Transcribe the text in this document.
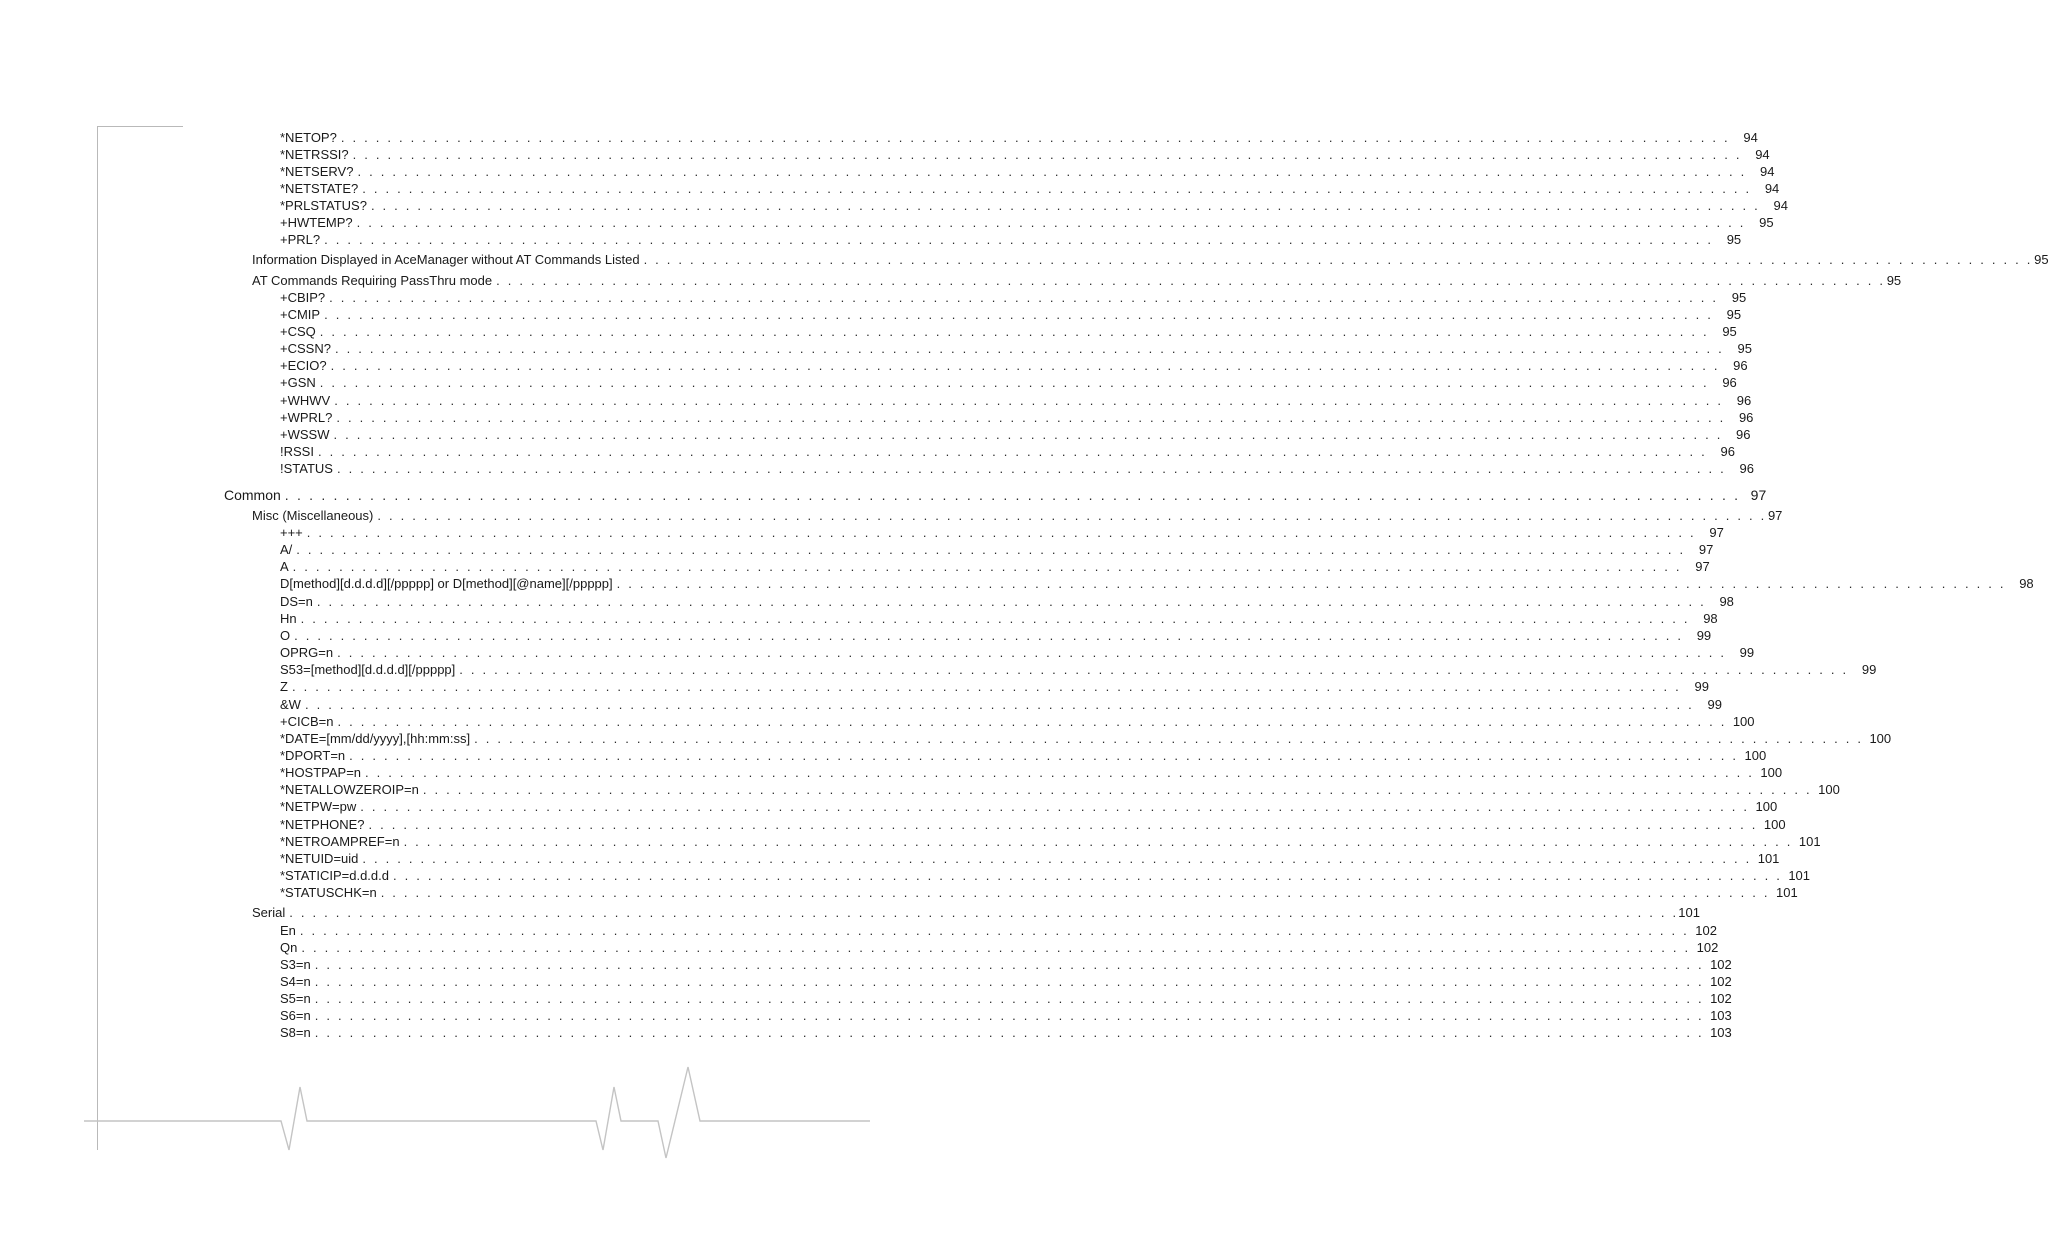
*NETOP? . . .	94
*NETRSSI? . . .	94
*NETSERV? . . .	94
*NETSTATE? . . .	94
*PRLSTATUS? . . .	94
+HWTEMP? . . .	95
+PRL? . . .	95
Information Displayed in AceManager without AT Commands Listed . . .	95
AT Commands Requiring PassThru mode . . .	95
+CBIP? . . .	95
+CMIP . . .	95
+CSQ . . .	95
+CSSN? . . .	95
+ECIO? . . .	96
+GSN . . .	96
+WHWV . . .	96
+WPRL? . . .	96
+WSSW . . .	96
!RSSI . . .	96
!STATUS . . .	96
Common . . .	97
Misc (Miscellaneous) . . .	97
+++ . . .	97
A/ . . .	97
A . . .	97
D[method][d.d.d.d][/ppppp] or D[method][@name][/ppppp] . . .	98
DS=n . . .	98
Hn . . .	98
O . . .	99
OPRG=n . . .	99
S53=[method][d.d.d.d][/ppppp] . . .	99
Z . . .	99
&W . . .	99
+CICB=n . . .	100
*DATE=[mm/dd/yyyy],[hh:mm:ss] . . .	100
*DPORT=n . . .	100
*HOSTPAP=n . . .	100
*NETALLOWZEROIP=n . . .	100
*NETPW=pw . . .	100
*NETPHONE? . . .	100
*NETROAMPREF=n . . .	101
*NETUID=uid . . .	101
*STATICIP=d.d.d.d . . .	101
*STATUSCHK=n . . .	101
Serial . . .	101
En . . .	102
Qn . . .	102
S3=n . . .	102
S4=n . . .	102
S5=n . . .	102
S6=n . . .	103
S8=n . . .	103
